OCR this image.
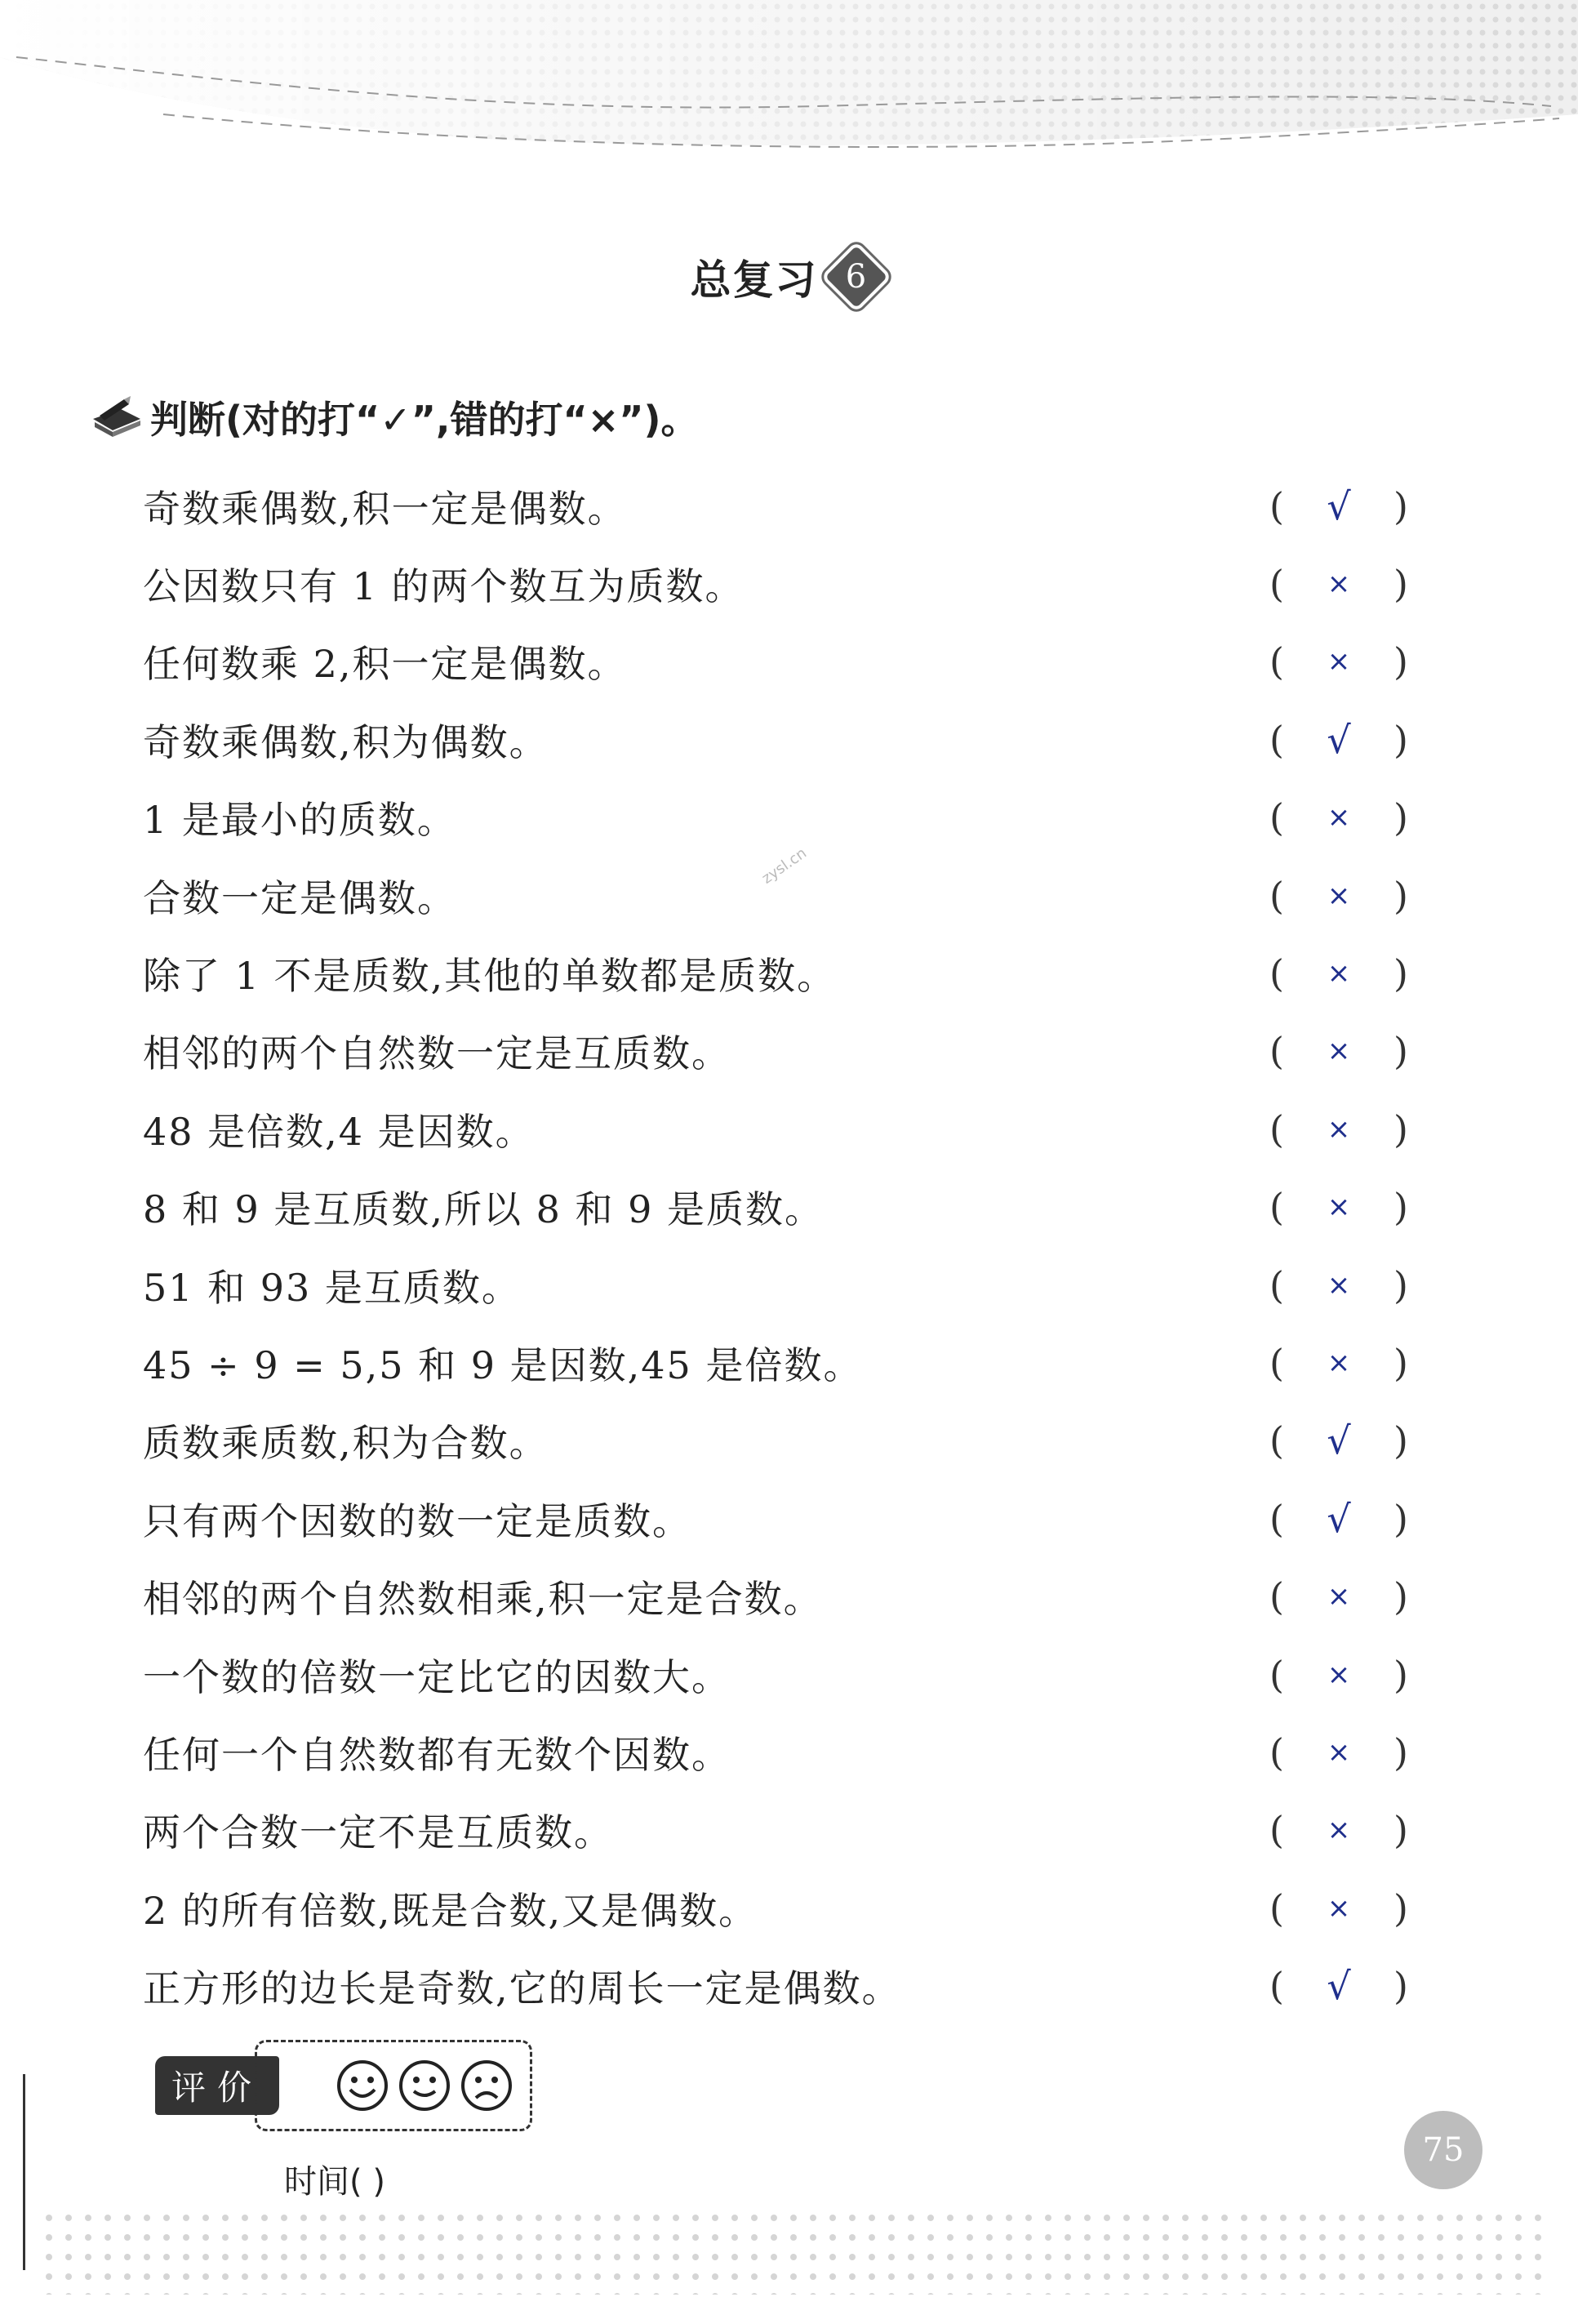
总复习 6
判断(对的打“✓”,错的打“×”)。
奇数乘偶数,积一定是偶数。	(	√	)
公因数只有 1 的两个数互为质数。	(	×	)
任何数乘 2,积一定是偶数。	(	×	)
奇数乘偶数,积为偶数。	(	√	)
1 是最小的质数。	(	×	)
合数一定是偶数。	(	×	)
除了 1 不是质数,其他的单数都是质数。	(	×	)
相邻的两个自然数一定是互质数。	(	×	)
48 是倍数,4 是因数。	(	×	)
8 和 9 是互质数,所以 8 和 9 是质数。	(	×	)
51 和 93 是互质数。	(	×	)
45 ÷ 9 = 5,5 和 9 是因数,45 是倍数。	(	×	)
质数乘质数,积为合数。	(	√	)
只有两个因数的数一定是质数。	(	√	)
相邻的两个自然数相乘,积一定是合数。	(	×	)
一个数的倍数一定比它的因数大。	(	×	)
任何一个自然数都有无数个因数。	(	×	)
两个合数一定不是互质数。	(	×	)
2 的所有倍数,既是合数,又是偶数。	(	×	)
正方形的边长是奇数,它的周长一定是偶数。	(	√	)
zysl.cn
评价
时间( )
75
